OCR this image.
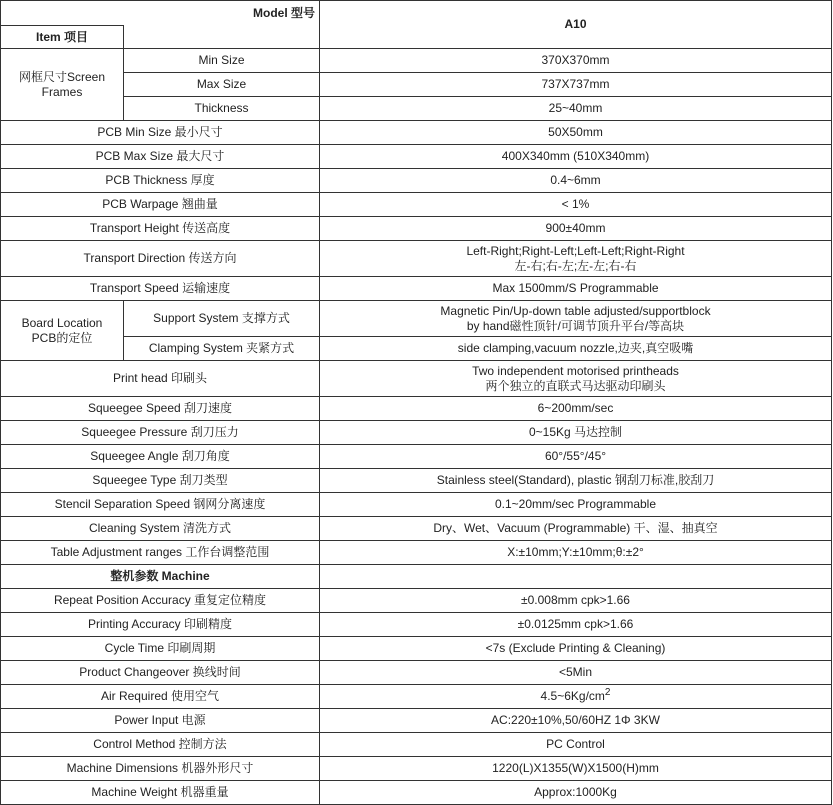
Model 型号		A10
Item 项目		

网框尺寸Screen
Frames	Min Size	370X370mm
	Max Size	737X737mm
	Thickness	25~40mm
PCB Min Size 最小尺寸		50X50mm
PCB Max Size 最大尺寸		400X340mm (510X340mm)
PCB Thickness 厚度		0.4~6mm
PCB Warpage 翘曲量		< 1%
Transport Height 传送高度		900±40mm
Transport Direction 传送方向		Left-Right;Right-Left;Left-Left;Right-Right
左-右;右-左;左-左;右-右

Transport Speed 运输速度		Max 1500mm/S Programmable

Board Location
PCB的定位	Support System 支撑方式	Magnetic Pin/Up-down table adjusted/supportblock
by hand磁性顶针/可调节顶升平台/等高块

	Clamping System 夹紧方式	side clamping,vacuum nozzle,边夹,真空吸嘴
Print head 印刷头		Two independent motorised printheads
两个独立的直联式马达驱动印刷头

Squeegee Speed 刮刀速度		6~200mm/sec
Squeegee Pressure 刮刀压力		0~15Kg 马达控制
Squeegee Angle 刮刀角度		60°/55°/45°
Squeegee Type 刮刀类型		Stainless steel(Standard), plastic 钢刮刀标准,胶刮刀
Stencil Separation Speed 钢网分离速度		0.1~20mm/sec Programmable
Cleaning System 清洗方式		Dry、Wet、Vacuum (Programmable) 干、湿、抽真空
Table Adjustment ranges 工作台调整范围		X:±10mm;Y:±10mm;θ:±2°
整机参数 Machine		
Repeat Position Accuracy 重复定位精度		±0.008mm cpk>1.66
Printing Accuracy 印刷精度		±0.0125mm cpk>1.66
Cycle Time 印刷周期		<7s (Exclude Printing & Cleaning)
Product Changeover 换线时间		<5Min
Air Required 使用空气		$4.5\sim 6Kg/cm^2$
Power Input 电源		AC:220±10%,50/60HZ 1Φ 3KW
Control Method 控制方法		PC Control
Machine Dimensions 机器外形尺寸		1220(L)X1355(W)X1500(H)mm
Machine Weight 机器重量		Approx:1000Kg
